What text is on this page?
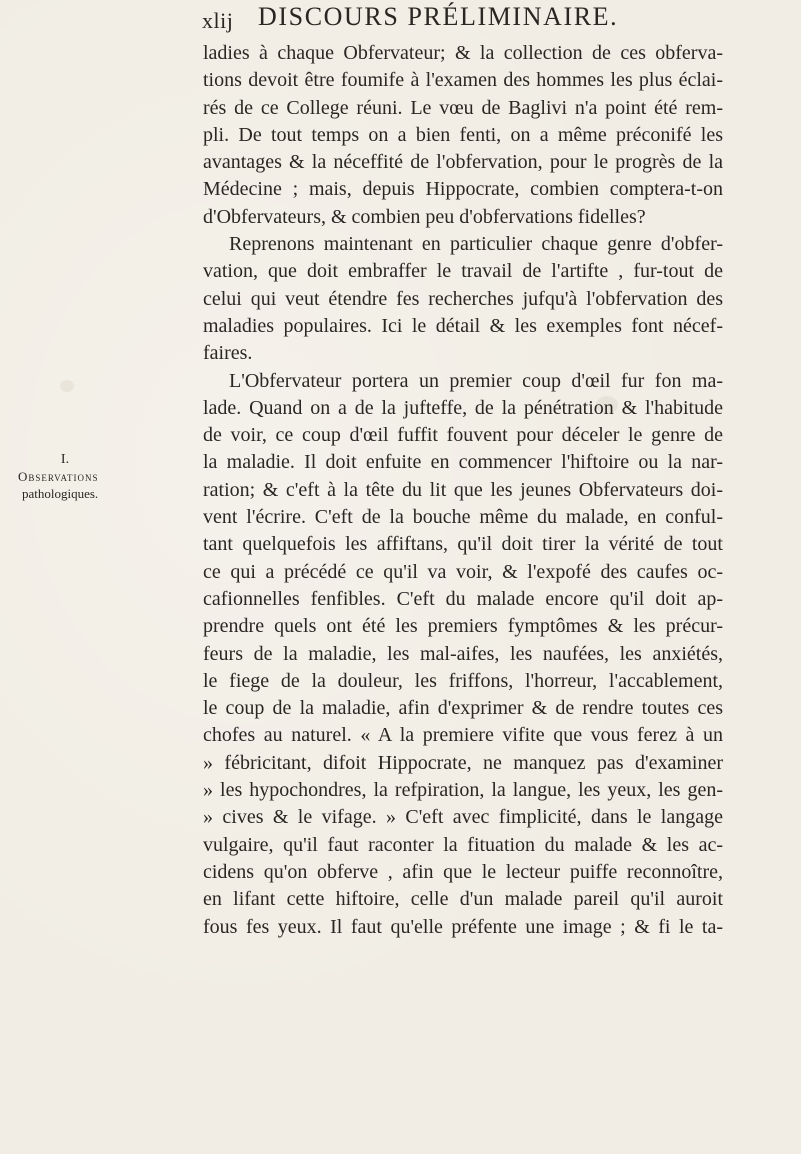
xlij DISCOURS PRÉLIMINAIRE.
I.
Observations
pathologiques.
ladies à chaque Obfervateur; & la collection de ces obferva-
tions devoit être foumife à l'examen des hommes les plus éclai-
rés de ce College réuni. Le vœu de Baglivi n'a point été rem-
pli. De tout temps on a bien fenti, on a même préconifé les
avantages & la néceffité de l'obfervation, pour le progrès de la
Médecine ; mais, depuis Hippocrate, combien comptera-t-on
d'Obfervateurs, & combien peu d'obfervations fidelles?
Reprenons maintenant en particulier chaque genre d'obfer-
vation, que doit embraffer le travail de l'artifte , fur-tout de
celui qui veut étendre fes recherches jufqu'à l'obfervation des
maladies populaires. Ici le détail & les exemples font nécef-
faires.
L'Obfervateur portera un premier coup d'œil fur fon ma-
lade. Quand on a de la jufteffe, de la pénétration & l'habitude
de voir, ce coup d'œil fuffit fouvent pour déceler le genre de
la maladie. Il doit enfuite en commencer l'hiftoire ou la nar-
ration; & c'eft à la tête du lit que les jeunes Obfervateurs doi-
vent l'écrire. C'eft de la bouche même du malade, en conful-
tant quelquefois les affiftans, qu'il doit tirer la vérité de tout
ce qui a précédé ce qu'il va voir, & l'expofé des caufes oc-
cafionnelles fenfibles. C'eft du malade encore qu'il doit ap-
prendre quels ont été les premiers fymptômes & les précur-
feurs de la maladie, les mal-aifes, les naufées, les anxiétés,
le fiege de la douleur, les friffons, l'horreur, l'accablement,
le coup de la maladie, afin d'exprimer & de rendre toutes ces
chofes au naturel. « A la premiere vifite que vous ferez à un
» fébricitant, difoit Hippocrate, ne manquez pas d'examiner
» les hypochondres, la refpiration, la langue, les yeux, les gen-
» cives & le vifage. » C'eft avec fimplicité, dans le langage
vulgaire, qu'il faut raconter la fituation du malade & les ac-
cidens qu'on obferve , afin que le lecteur puiffe reconnoître,
en lifant cette hiftoire, celle d'un malade pareil qu'il auroit
fous fes yeux. Il faut qu'elle préfente une image ; & fi le ta-
